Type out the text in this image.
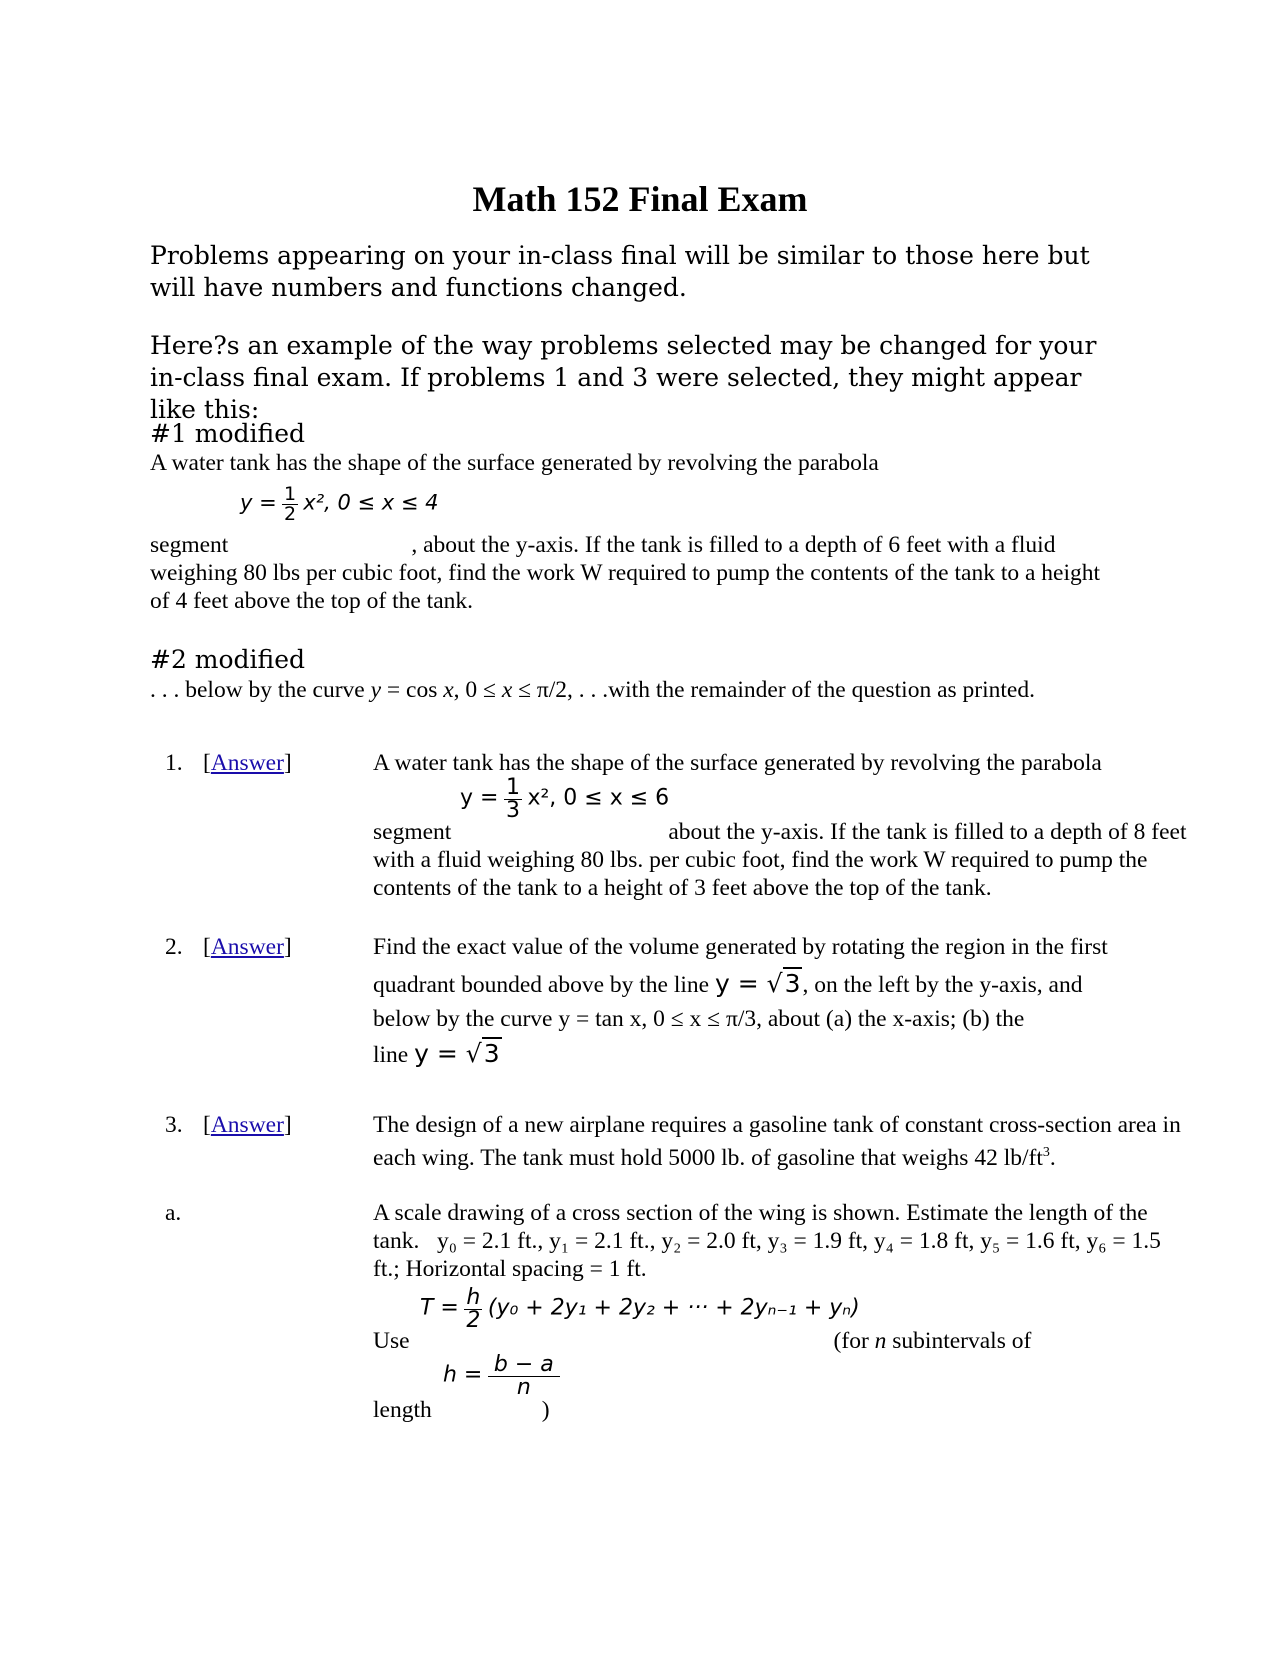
Math 152 Final Exam

Problems appearing on your in-class final will be similar to those here but will have numbers and functions changed.

Here?s an example of the way problems selected may be changed for your in-class final exam. If problems 1 and 3 were selected, they might appear like this:

#1 modified

A water tank has the shape of the surface generated by revolving the parabola

$y = \frac{1}{2} x^2$, 0 ≤ x ≤ 4

segment	, about the y-axis. If the tank is filled to a depth of 6 feet with a fluid weighing 80 lbs per cubic foot, find the work W required to pump the contents of the tank to a height of 4 feet above the top of the tank.

#2 modified

. . . below by the curve y = cos x, 0 ≤ x ≤ π/2, . . .with the remainder of the question as printed.

1. [Answer]	A water tank has the shape of the surface generated by revolving the parabola

$y = \frac{1}{3} x^2$, 0 ≤ x ≤ 6

segment	about the y-axis. If the tank is filled to a depth of 8 feet with a fluid weighing 80 lbs. per cubic foot, find the work W required to pump the contents of the tank to a height of 3 feet above the top of the tank.

2. [Answer]	Find the exact value of the volume generated by rotating the region in the first

quadrant bounded above by the line y = √3, on the left by the y-axis, and

below by the curve y = tan x, 0 ≤ x ≤ π/3, about (a) the x-axis; (b) the

line y = √3

3. [Answer]	The design of a new airplane requires a gasoline tank of constant cross-section area in each wing. The tank must hold 5000 lb. of gasoline that weighs 42 $lb/ft^3$.

a.	A scale drawing of a cross section of the wing is shown. Estimate the length of the tank. y₀ = 2.1 ft., y₁ = 2.1 ft., y₂ = 2.0 ft, y₃ = 1.9 ft, y₄ = 1.8 ft, y₅ = 1.6 ft, y₆ = 1.5 ft.; Horizontal spacing = 1 ft.

$T = \frac{h}{2} (y_0 + 2y_1 + 2y_2$ + ··· + 2yₙ₋₁ + yₙ)

Use	(for n subintervals of

$h = \frac{b - a}{n}$

length	)
